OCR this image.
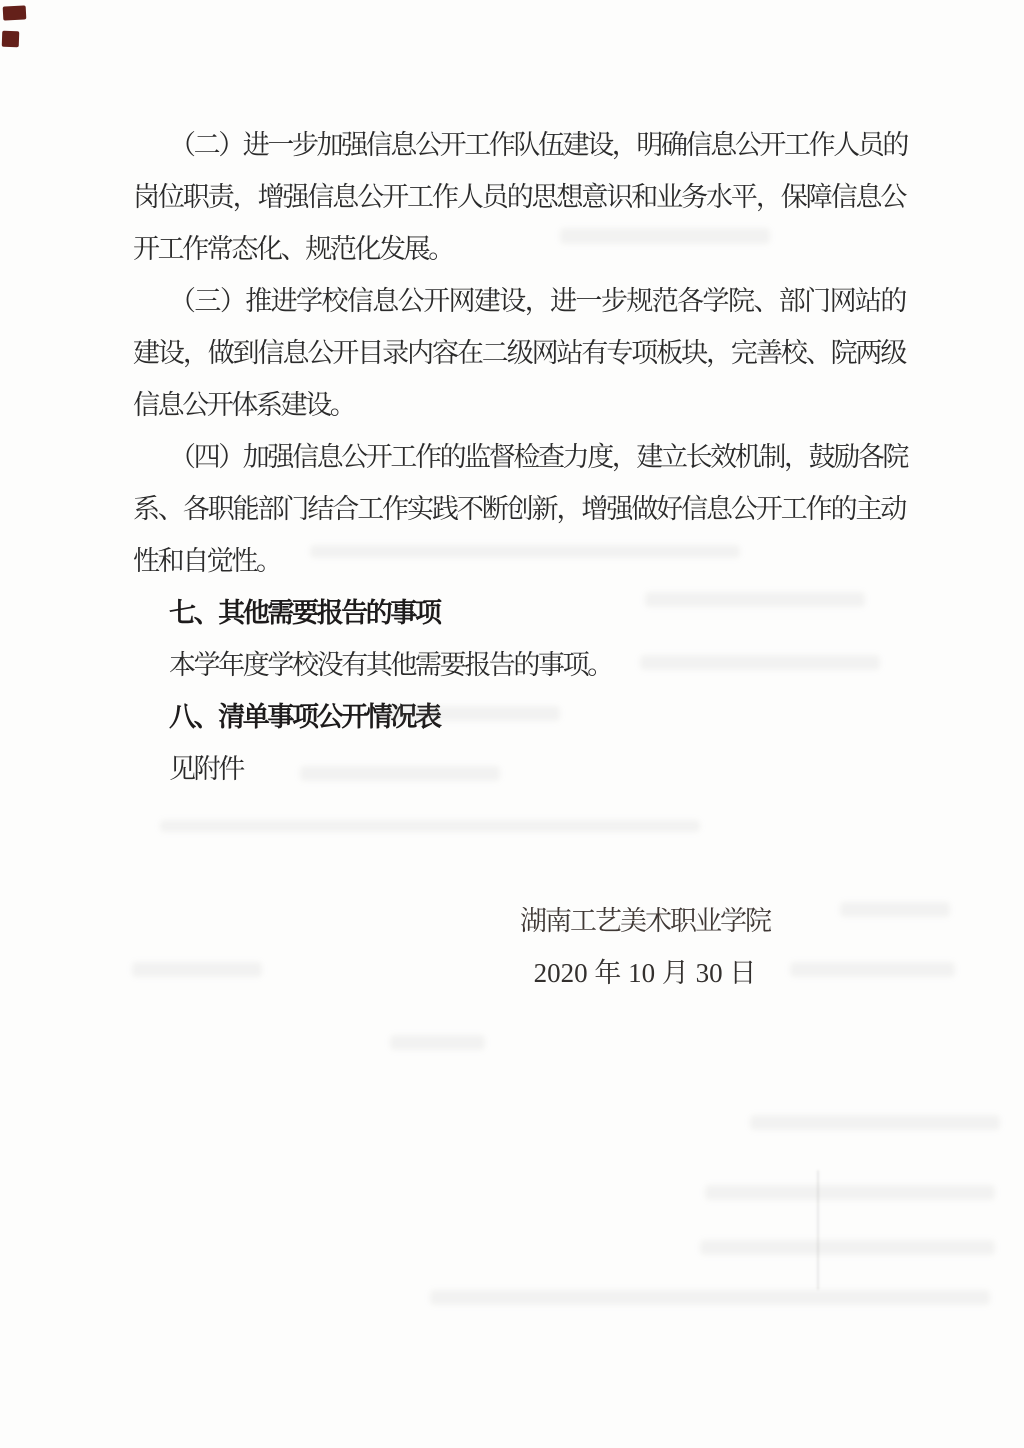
（二）进一步加强信息公开工作队伍建设，明确信息公开工作人员的
岗位职责，增强信息公开工作人员的思想意识和业务水平，保障信息公
开工作常态化、规范化发展。
（三）推进学校信息公开网建设，进一步规范各学院、部门网站的
建设，做到信息公开目录内容在二级网站有专项板块，完善校、院两级
信息公开体系建设。
（四）加强信息公开工作的监督检查力度，建立长效机制，鼓励各院
系、各职能部门结合工作实践不断创新，增强做好信息公开工作的主动
性和自觉性。
七、其他需要报告的事项
本学年度学校没有其他需要报告的事项。
八、清单事项公开情况表
见附件
湖南工艺美术职业学院
2020 年 10 月 30 日
